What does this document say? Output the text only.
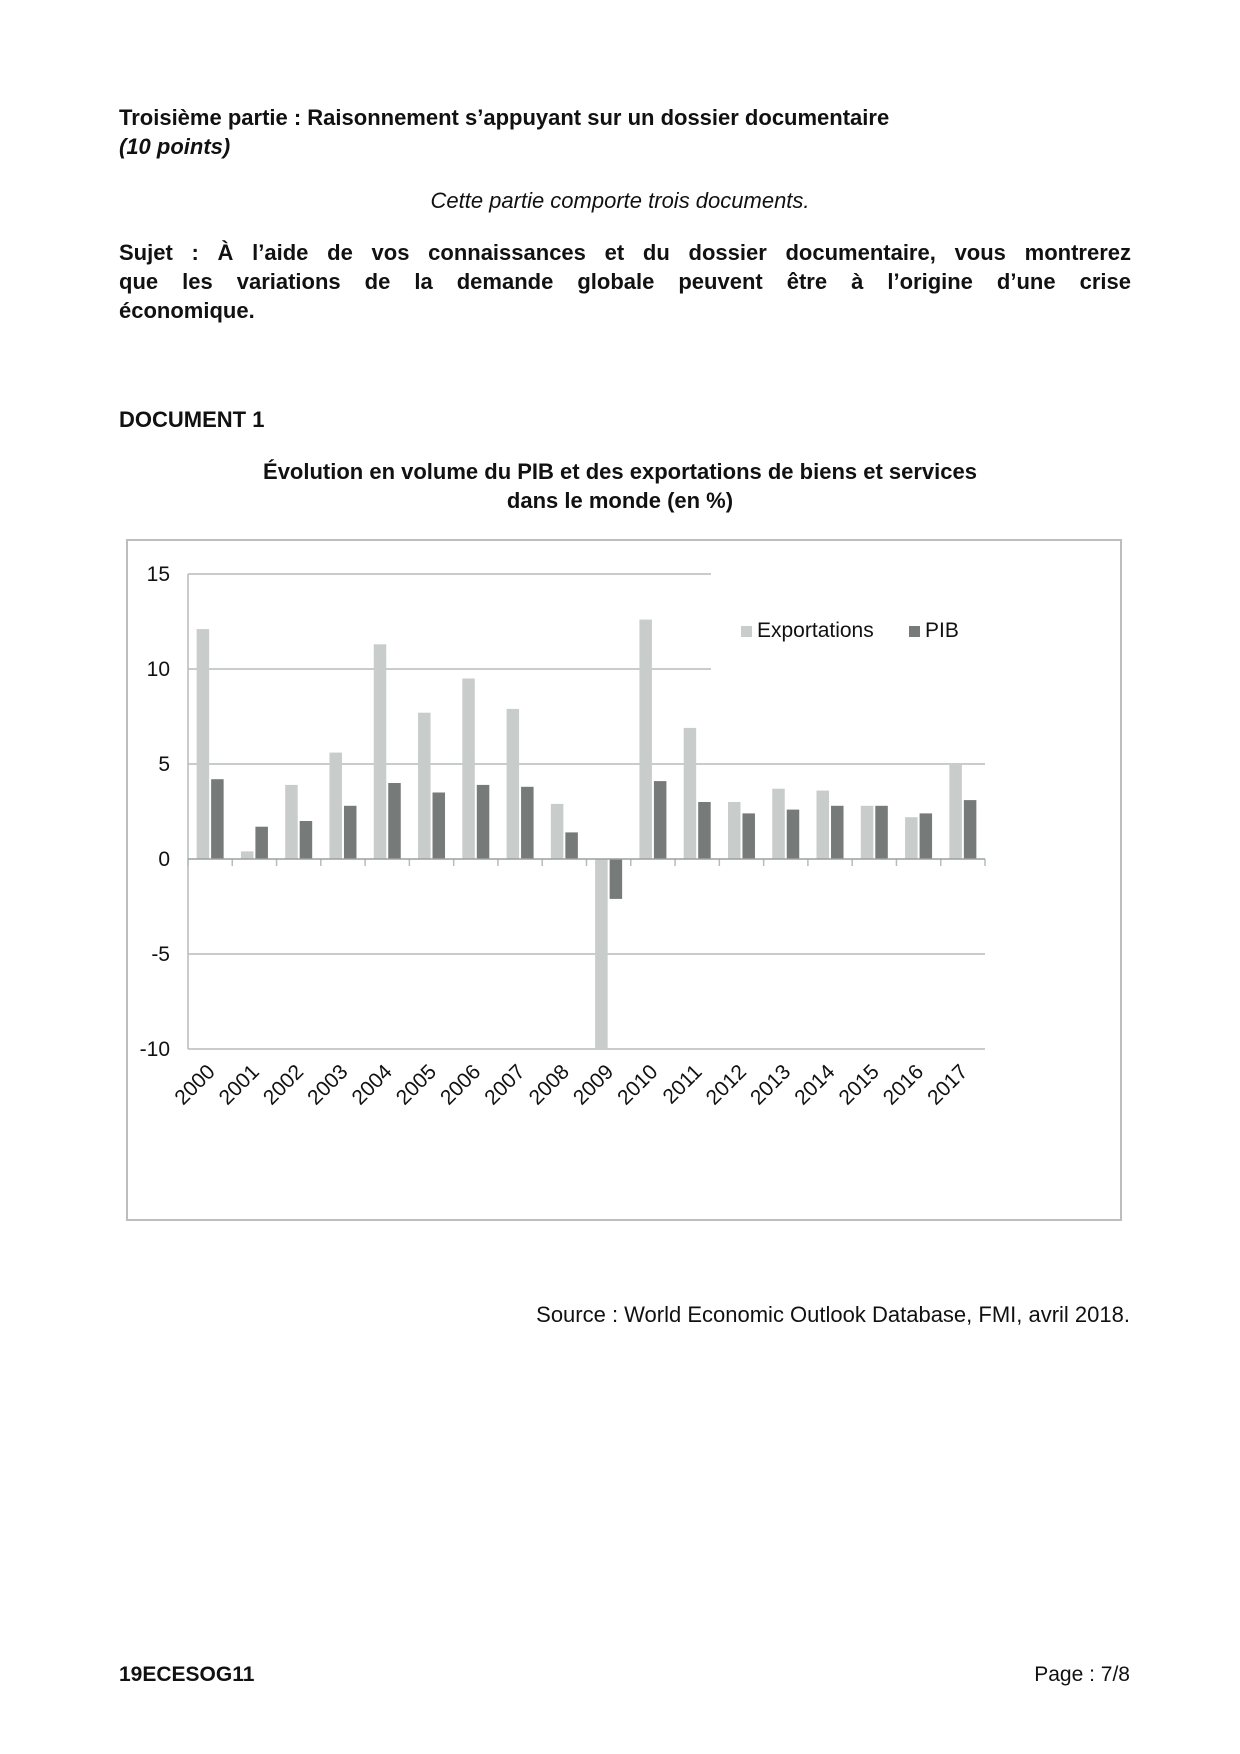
Troisième partie : Raisonnement s’appuyant sur un dossier documentaire
(10 points)
Cette partie comporte trois documents.
Sujet : À l’aide de vos connaissances et du dossier documentaire, vous montrerez
que les variations de la demande globale peuvent être à l’origine d’une crise
économique.
DOCUMENT 1
Évolution en volume du PIB et des exportations de biens et services
dans le monde (en %)
15
10
5
0
-5
-10
2000
2001
2002
2003
2004
2005
2006
2007
2008
2009
2010
2011
2012
2013
2014
2015
2016
2017
Exportations PIB
Source : World Economic Outlook Database, FMI, avril 2018.
19ECESOG11	Page : 7/8
